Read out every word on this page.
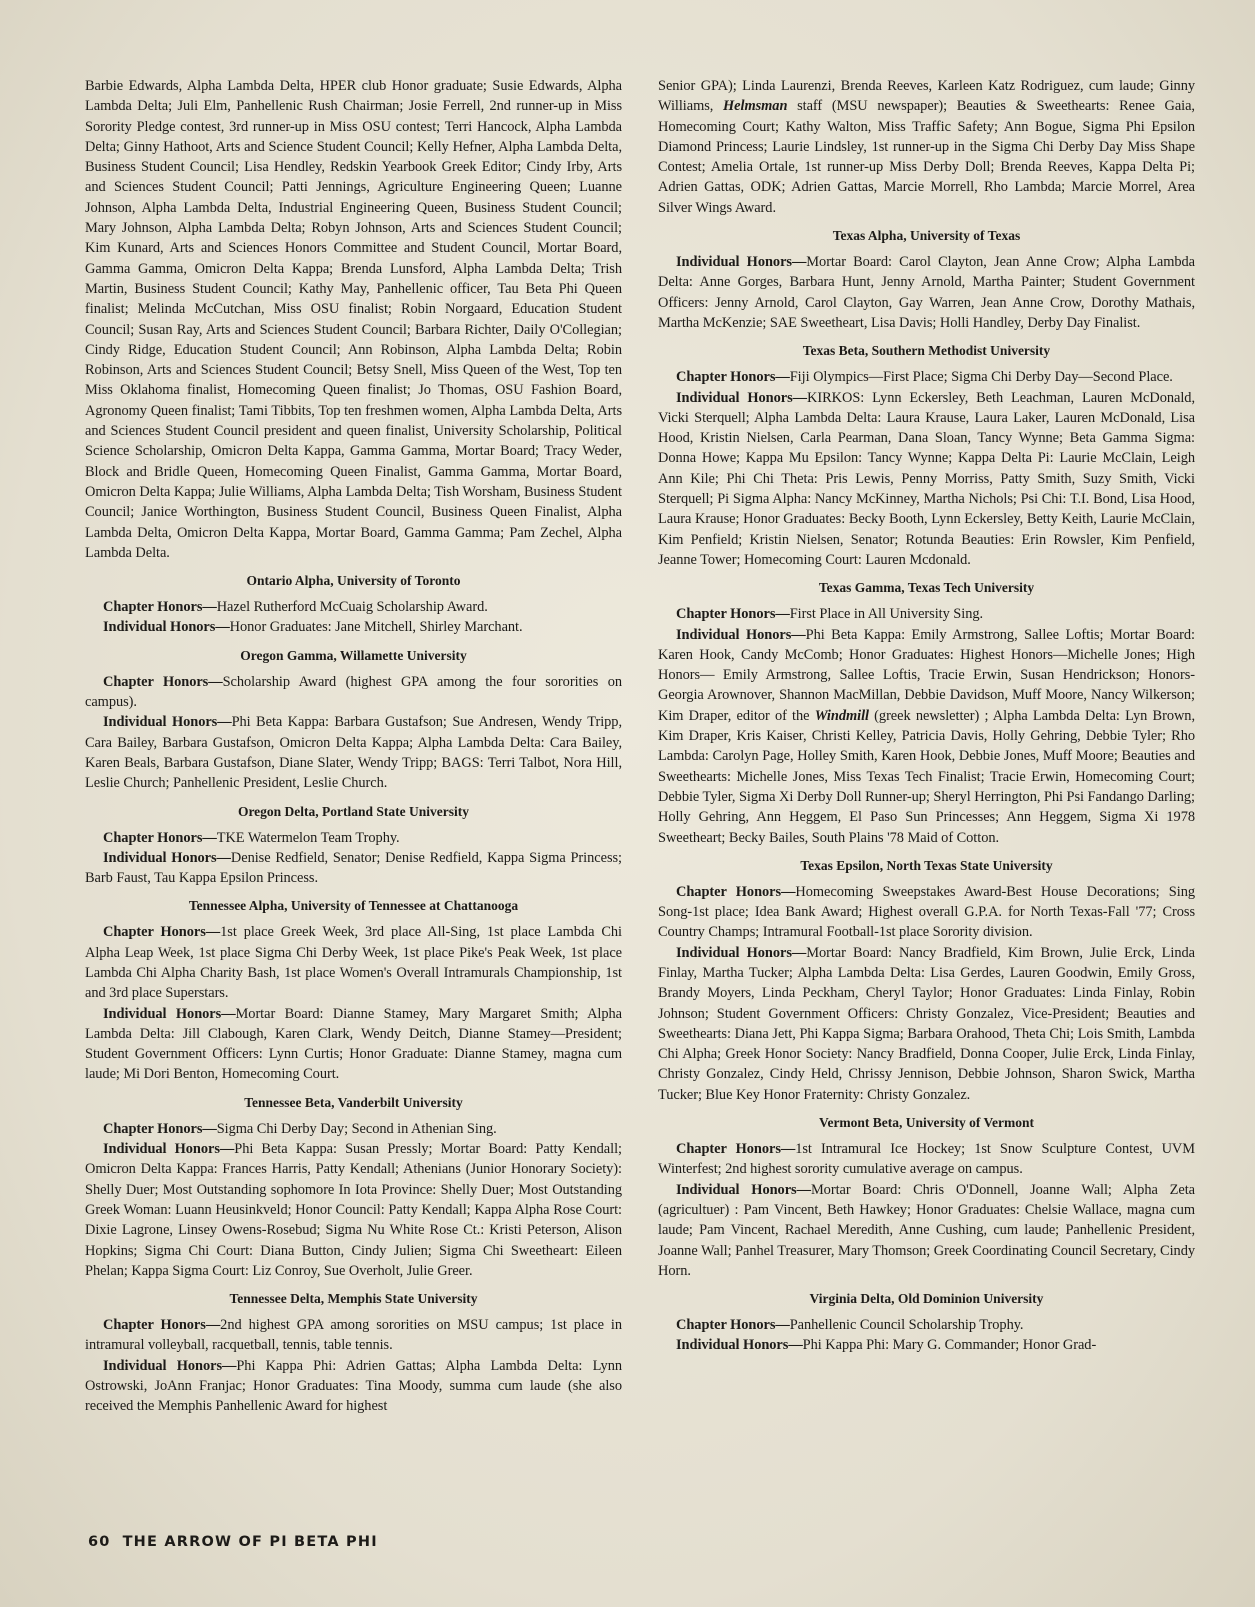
Barbie Edwards, Alpha Lambda Delta, HPER club Honor graduate; Susie Edwards, Alpha Lambda Delta; Juli Elm, Panhellenic Rush Chairman; Josie Ferrell, 2nd runner-up in Miss Sorority Pledge contest, 3rd runner-up in Miss OSU contest; Terri Hancock, Alpha Lambda Delta; Ginny Hathoot, Arts and Science Student Council; Kelly Hefner, Alpha Lambda Delta, Business Student Council; Lisa Hendley, Redskin Yearbook Greek Editor; Cindy Irby, Arts and Sciences Student Council; Patti Jennings, Agriculture Engineering Queen; Luanne Johnson, Alpha Lambda Delta, Industrial Engineering Queen, Business Student Council; Mary Johnson, Alpha Lambda Delta; Robyn Johnson, Arts and Sciences Student Council; Kim Kunard, Arts and Sciences Honors Committee and Student Council, Mortar Board, Gamma Gamma, Omicron Delta Kappa; Brenda Lunsford, Alpha Lambda Delta; Trish Martin, Business Student Council; Kathy May, Panhellenic officer, Tau Beta Phi Queen finalist; Melinda McCutchan, Miss OSU finalist; Robin Norgaard, Education Student Council; Susan Ray, Arts and Sciences Student Council; Barbara Richter, Daily O'Collegian; Cindy Ridge, Education Student Council; Ann Robinson, Alpha Lambda Delta; Robin Robinson, Arts and Sciences Student Council; Betsy Snell, Miss Queen of the West, Top ten Miss Oklahoma finalist, Homecoming Queen finalist; Jo Thomas, OSU Fashion Board, Agronomy Queen finalist; Tami Tibbits, Top ten freshmen women, Alpha Lambda Delta, Arts and Sciences Student Council president and queen finalist, University Scholarship, Political Science Scholarship, Omicron Delta Kappa, Gamma Gamma, Mortar Board; Tracy Weder, Block and Bridle Queen, Homecoming Queen Finalist, Gamma Gamma, Mortar Board, Omicron Delta Kappa; Julie Williams, Alpha Lambda Delta; Tish Worsham, Business Student Council; Janice Worthington, Business Student Council, Business Queen Finalist, Alpha Lambda Delta, Omicron Delta Kappa, Mortar Board, Gamma Gamma; Pam Zechel, Alpha Lambda Delta.

Ontario Alpha, University of Toronto

Chapter Honors—Hazel Rutherford McCuaig Scholarship Award.

Individual Honors—Honor Graduates: Jane Mitchell, Shirley Marchant.

Oregon Gamma, Willamette University

Chapter Honors—Scholarship Award (highest GPA among the four sororities on campus).

Individual Honors—Phi Beta Kappa: Barbara Gustafson; Sue Andresen, Wendy Tripp, Cara Bailey, Barbara Gustafson, Omicron Delta Kappa; Alpha Lambda Delta: Cara Bailey, Karen Beals, Barbara Gustafson, Diane Slater, Wendy Tripp; BAGS: Terri Talbot, Nora Hill, Leslie Church; Panhellenic President, Leslie Church.

Oregon Delta, Portland State University

Chapter Honors—TKE Watermelon Team Trophy.

Individual Honors—Denise Redfield, Senator; Denise Redfield, Kappa Sigma Princess; Barb Faust, Tau Kappa Epsilon Princess.

Tennessee Alpha, University of Tennessee at Chattanooga

Chapter Honors—1st place Greek Week, 3rd place All-Sing, 1st place Lambda Chi Alpha Leap Week, 1st place Sigma Chi Derby Week, 1st place Pike's Peak Week, 1st place Lambda Chi Alpha Charity Bash, 1st place Women's Overall Intramurals Championship, 1st and 3rd place Superstars.

Individual Honors—Mortar Board: Dianne Stamey, Mary Margaret Smith; Alpha Lambda Delta: Jill Clabough, Karen Clark, Wendy Deitch, Dianne Stamey—President; Student Government Officers: Lynn Curtis; Honor Graduate: Dianne Stamey, magna cum laude; Mi Dori Benton, Homecoming Court.

Tennessee Beta, Vanderbilt University

Chapter Honors—Sigma Chi Derby Day; Second in Athenian Sing.

Individual Honors—Phi Beta Kappa: Susan Pressly; Mortar Board: Patty Kendall; Omicron Delta Kappa: Frances Harris, Patty Kendall; Athenians (Junior Honorary Society): Shelly Duer; Most Outstanding sophomore In Iota Province: Shelly Duer; Most Outstanding Greek Woman: Luann Heusinkveld; Honor Council: Patty Kendall; Kappa Alpha Rose Court: Dixie Lagrone, Linsey Owens-Rosebud; Sigma Nu White Rose Ct.: Kristi Peterson, Alison Hopkins; Sigma Chi Court: Diana Button, Cindy Julien; Sigma Chi Sweetheart: Eileen Phelan; Kappa Sigma Court: Liz Conroy, Sue Overholt, Julie Greer.

Tennessee Delta, Memphis State University

Chapter Honors—2nd highest GPA among sororities on MSU campus; 1st place in intramural volleyball, racquetball, tennis, table tennis.

Individual Honors—Phi Kappa Phi: Adrien Gattas; Alpha Lambda Delta: Lynn Ostrowski, JoAnn Franjac; Honor Graduates: Tina Moody, summa cum laude (she also received the Memphis Panhellenic Award for highest

Senior GPA); Linda Laurenzi, Brenda Reeves, Karleen Katz Rodriguez, cum laude; Ginny Williams, Helmsman staff (MSU newspaper); Beauties & Sweethearts: Renee Gaia, Homecoming Court; Kathy Walton, Miss Traffic Safety; Ann Bogue, Sigma Phi Epsilon Diamond Princess; Laurie Lindsley, 1st runner-up in the Sigma Chi Derby Day Miss Shape Contest; Amelia Ortale, 1st runner-up Miss Derby Doll; Brenda Reeves, Kappa Delta Pi; Adrien Gattas, ODK; Adrien Gattas, Marcie Morrell, Rho Lambda; Marcie Morrel, Area Silver Wings Award.

Texas Alpha, University of Texas

Individual Honors—Mortar Board: Carol Clayton, Jean Anne Crow; Alpha Lambda Delta: Anne Gorges, Barbara Hunt, Jenny Arnold, Martha Painter; Student Government Officers: Jenny Arnold, Carol Clayton, Gay Warren, Jean Anne Crow, Dorothy Mathais, Martha McKenzie; SAE Sweetheart, Lisa Davis; Holli Handley, Derby Day Finalist.

Texas Beta, Southern Methodist University

Chapter Honors—Fiji Olympics—First Place; Sigma Chi Derby Day—Second Place.

Individual Honors—KIRKOS: Lynn Eckersley, Beth Leachman, Lauren McDonald, Vicki Sterquell; Alpha Lambda Delta: Laura Krause, Laura Laker, Lauren McDonald, Lisa Hood, Kristin Nielsen, Carla Pearman, Dana Sloan, Tancy Wynne; Beta Gamma Sigma: Donna Howe; Kappa Mu Epsilon: Tancy Wynne; Kappa Delta Pi: Laurie McClain, Leigh Ann Kile; Phi Chi Theta: Pris Lewis, Penny Morriss, Patty Smith, Suzy Smith, Vicki Sterquell; Pi Sigma Alpha: Nancy McKinney, Martha Nichols; Psi Chi: T.I. Bond, Lisa Hood, Laura Krause; Honor Graduates: Becky Booth, Lynn Eckersley, Betty Keith, Laurie McClain, Kim Penfield; Kristin Nielsen, Senator; Rotunda Beauties: Erin Rowsler, Kim Penfield, Jeanne Tower; Homecoming Court: Lauren Mcdonald.

Texas Gamma, Texas Tech University

Chapter Honors—First Place in All University Sing.

Individual Honors—Phi Beta Kappa: Emily Armstrong, Sallee Loftis; Mortar Board: Karen Hook, Candy McComb; Honor Graduates: Highest Honors—Michelle Jones; High Honors— Emily Armstrong, Sallee Loftis, Tracie Erwin, Susan Hendrickson; Honors-Georgia Arownover, Shannon MacMillan, Debbie Davidson, Muff Moore, Nancy Wilkerson; Kim Draper, editor of the Windmill (greek newsletter) ; Alpha Lambda Delta: Lyn Brown, Kim Draper, Kris Kaiser, Christi Kelley, Patricia Davis, Holly Gehring, Debbie Tyler; Rho Lambda: Carolyn Page, Holley Smith, Karen Hook, Debbie Jones, Muff Moore; Beauties and Sweethearts: Michelle Jones, Miss Texas Tech Finalist; Tracie Erwin, Homecoming Court; Debbie Tyler, Sigma Xi Derby Doll Runner-up; Sheryl Herrington, Phi Psi Fandango Darling; Holly Gehring, Ann Heggem, El Paso Sun Princesses; Ann Heggem, Sigma Xi 1978 Sweetheart; Becky Bailes, South Plains '78 Maid of Cotton.

Texas Epsilon, North Texas State University

Chapter Honors—Homecoming Sweepstakes Award-Best House Decorations; Sing Song-1st place; Idea Bank Award; Highest overall G.P.A. for North Texas-Fall '77; Cross Country Champs; Intramural Football-1st place Sorority division.

Individual Honors—Mortar Board: Nancy Bradfield, Kim Brown, Julie Erck, Linda Finlay, Martha Tucker; Alpha Lambda Delta: Lisa Gerdes, Lauren Goodwin, Emily Gross, Brandy Moyers, Linda Peckham, Cheryl Taylor; Honor Graduates: Linda Finlay, Robin Johnson; Student Government Officers: Christy Gonzalez, Vice-President; Beauties and Sweethearts: Diana Jett, Phi Kappa Sigma; Barbara Orahood, Theta Chi; Lois Smith, Lambda Chi Alpha; Greek Honor Society: Nancy Bradfield, Donna Cooper, Julie Erck, Linda Finlay, Christy Gonzalez, Cindy Held, Chrissy Jennison, Debbie Johnson, Sharon Swick, Martha Tucker; Blue Key Honor Fraternity: Christy Gonzalez.

Vermont Beta, University of Vermont

Chapter Honors—1st Intramural Ice Hockey; 1st Snow Sculpture Contest, UVM Winterfest; 2nd highest sorority cumulative average on campus.

Individual Honors—Mortar Board: Chris O'Donnell, Joanne Wall; Alpha Zeta (agricultuer) : Pam Vincent, Beth Hawkey; Honor Graduates: Chelsie Wallace, magna cum laude; Pam Vincent, Rachael Meredith, Anne Cushing, cum laude; Panhellenic President, Joanne Wall; Panhel Treasurer, Mary Thomson; Greek Coordinating Council Secretary, Cindy Horn.

Virginia Delta, Old Dominion University

Chapter Honors—Panhellenic Council Scholarship Trophy.

Individual Honors—Phi Kappa Phi: Mary G. Commander; Honor Grad-

60 THE ARROW OF PI BETA PHI
